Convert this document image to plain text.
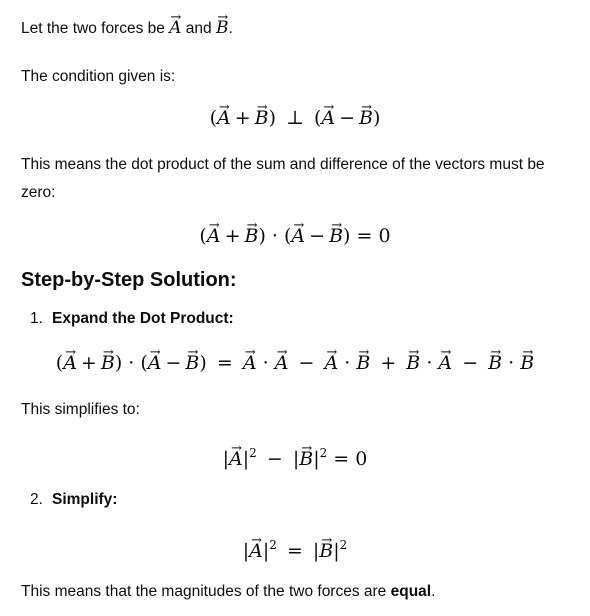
Let the two forces be → A and → B.

The condition given is:

(→ A + → B) ⊥ (→ A − → B)

This means the dot product of the sum and difference of the vectors must be

zero:

(→ A + → B) · (→ A − → B) = 0
Step-by-Step Solution:

1. Expand the Dot Product:

(→ A + → B) · (→ A − → B) = → A · → A − → A · → B + → B · → A − → B · → B

This simplifies to:

|→ $A|^2$ − |→ $B|^2 = 0$

2. Simplify:

|→ $A|^2$ = |→ $B|^2$

This means that the magnitudes of the two forces are equal.
